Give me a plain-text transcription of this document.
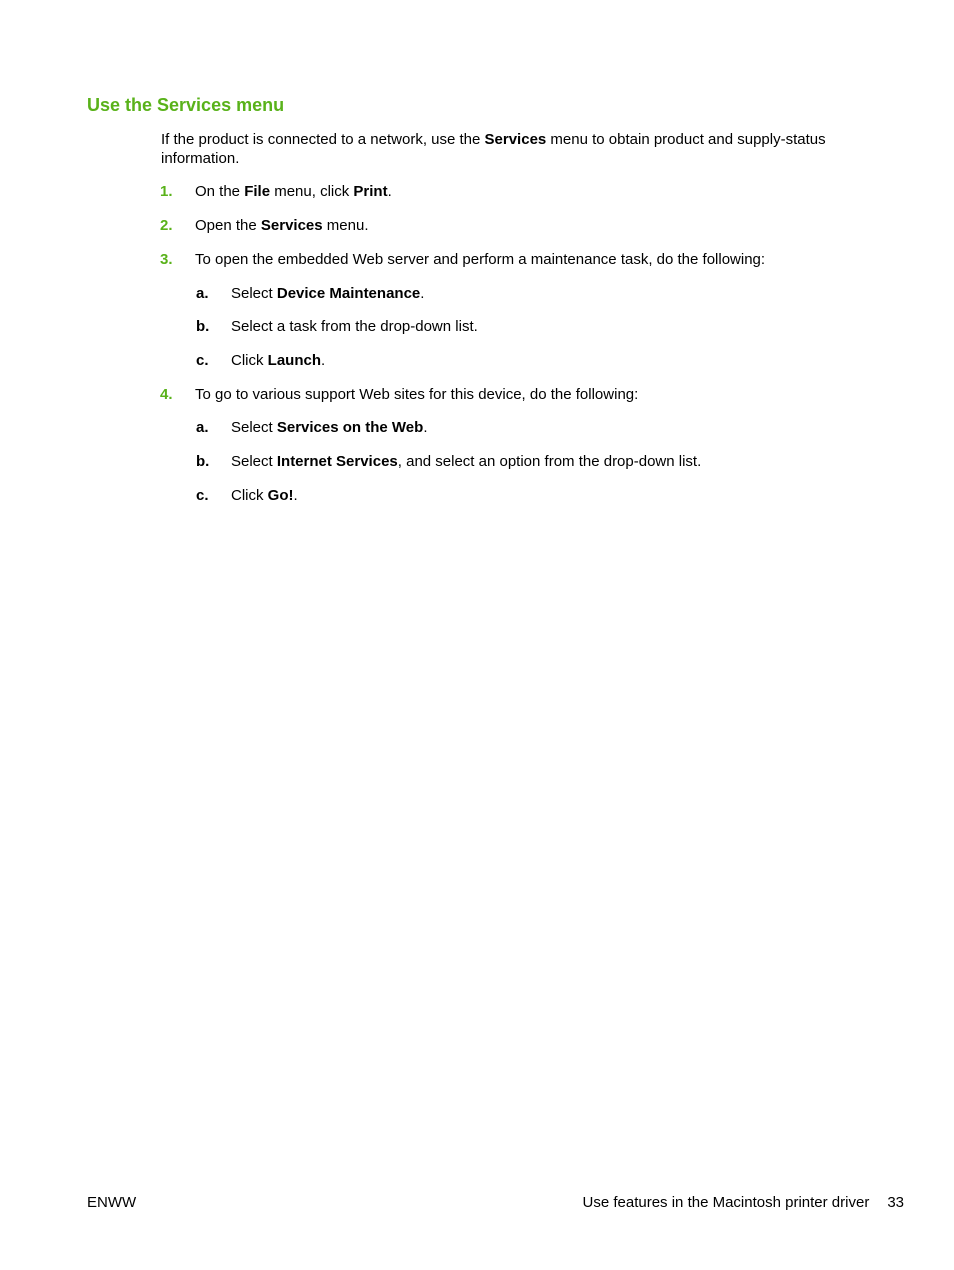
Use the Services menu

If the product is connected to a network, use the Services menu to obtain product and supply-status information.

1. On the File menu, click Print.
2. Open the Services menu.
3. To open the embedded Web server and perform a maintenance task, do the following:
a. Select Device Maintenance.
b. Select a task from the drop-down list.
c. Click Launch.
4. To go to various support Web sites for this device, do the following:
a. Select Services on the Web.
b. Select Internet Services, and select an option from the drop-down list.
c. Click Go!.
ENWW	Use features in the Macintosh printer driver 33
